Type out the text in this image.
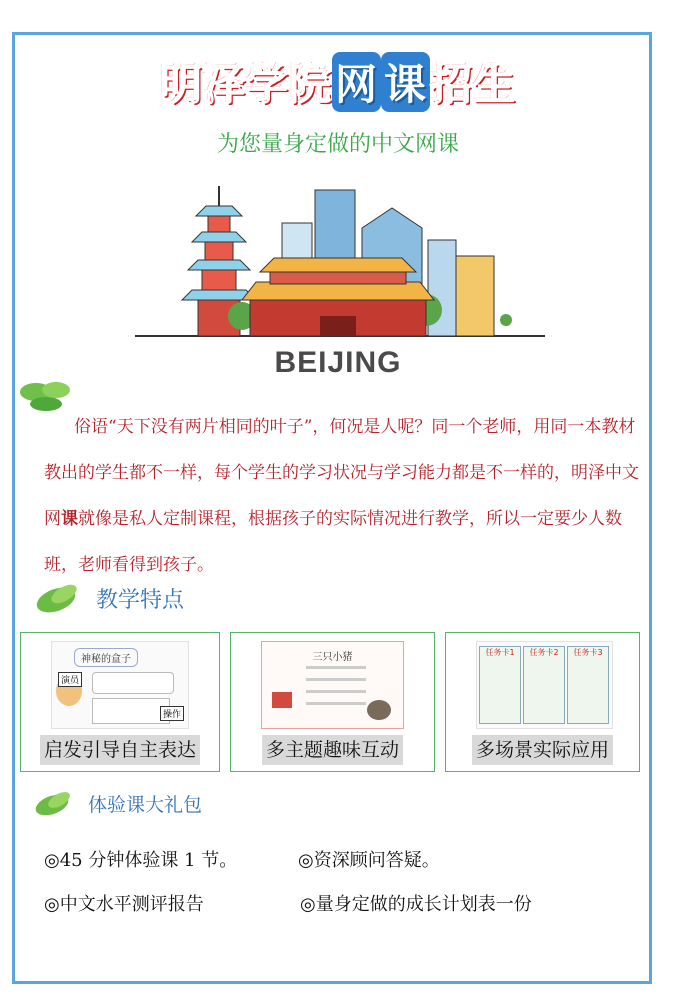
明泽学院网 课招生
为您量身定做的中文网课
BEIJING
俗语“天下没有两片相同的叶子”，何况是人呢？同一个老师，用同一本教材教出的学生都不一样，每个学生的学习状况与学习能力都是不一样的，明泽中文网课就像是私人定制课程，根据孩子的实际情况进行教学，所以一定要少人数班，老师看得到孩子。
教学特点
神秘的盒子
演员
操作
启发引导自主表达
三只小猪
多主题趣味互动
任务卡1	任务卡2	任务卡3
多场景实际应用
体验课大礼包
◎45 分钟体验课 1 节。	◎资深顾问答疑。
◎中文水平测评报告	◎量身定做的成长计划表一份
